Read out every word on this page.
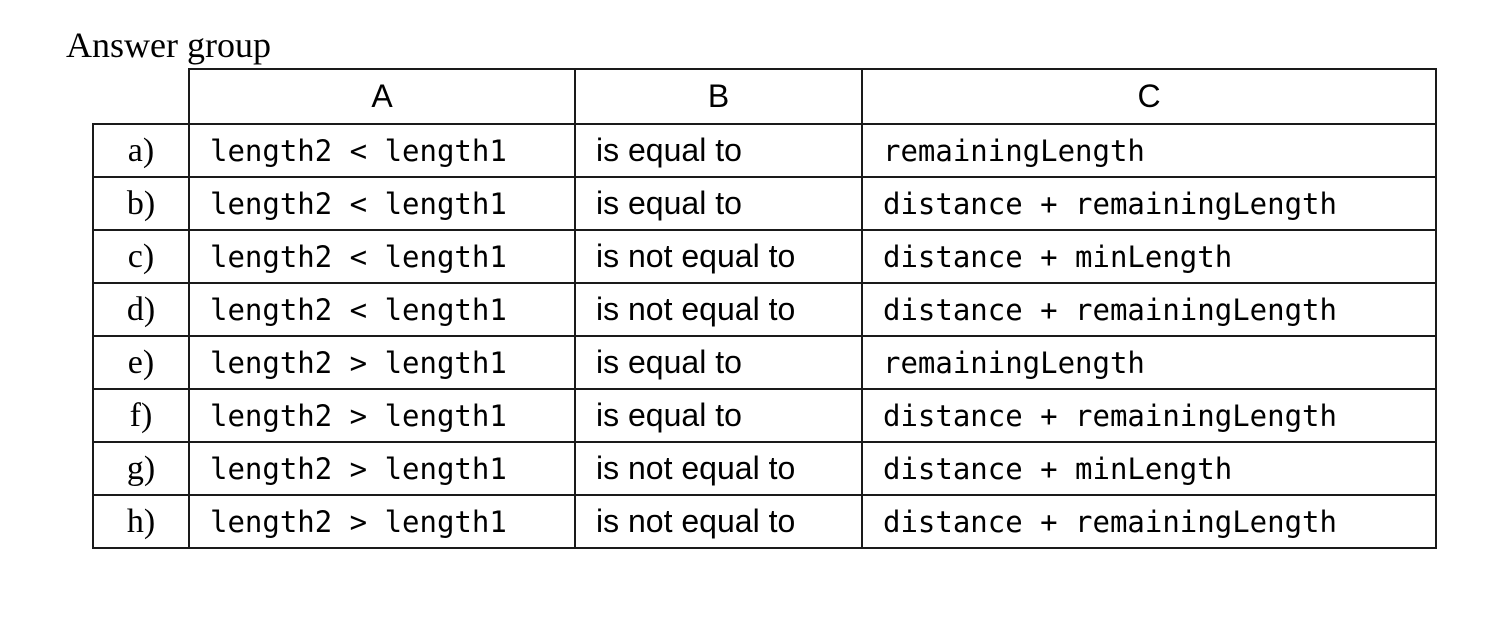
Answer group
	A	B	C
a)	length2 < length1	is equal to	remainingLength
b)	length2 < length1	is equal to	distance + remainingLength
c)	length2 < length1	is not equal to	distance + minLength
d)	length2 < length1	is not equal to	distance + remainingLength
e)	length2 > length1	is equal to	remainingLength
f)	length2 > length1	is equal to	distance + remainingLength
g)	length2 > length1	is not equal to	distance + minLength
h)	length2 > length1	is not equal to	distance + remainingLength
